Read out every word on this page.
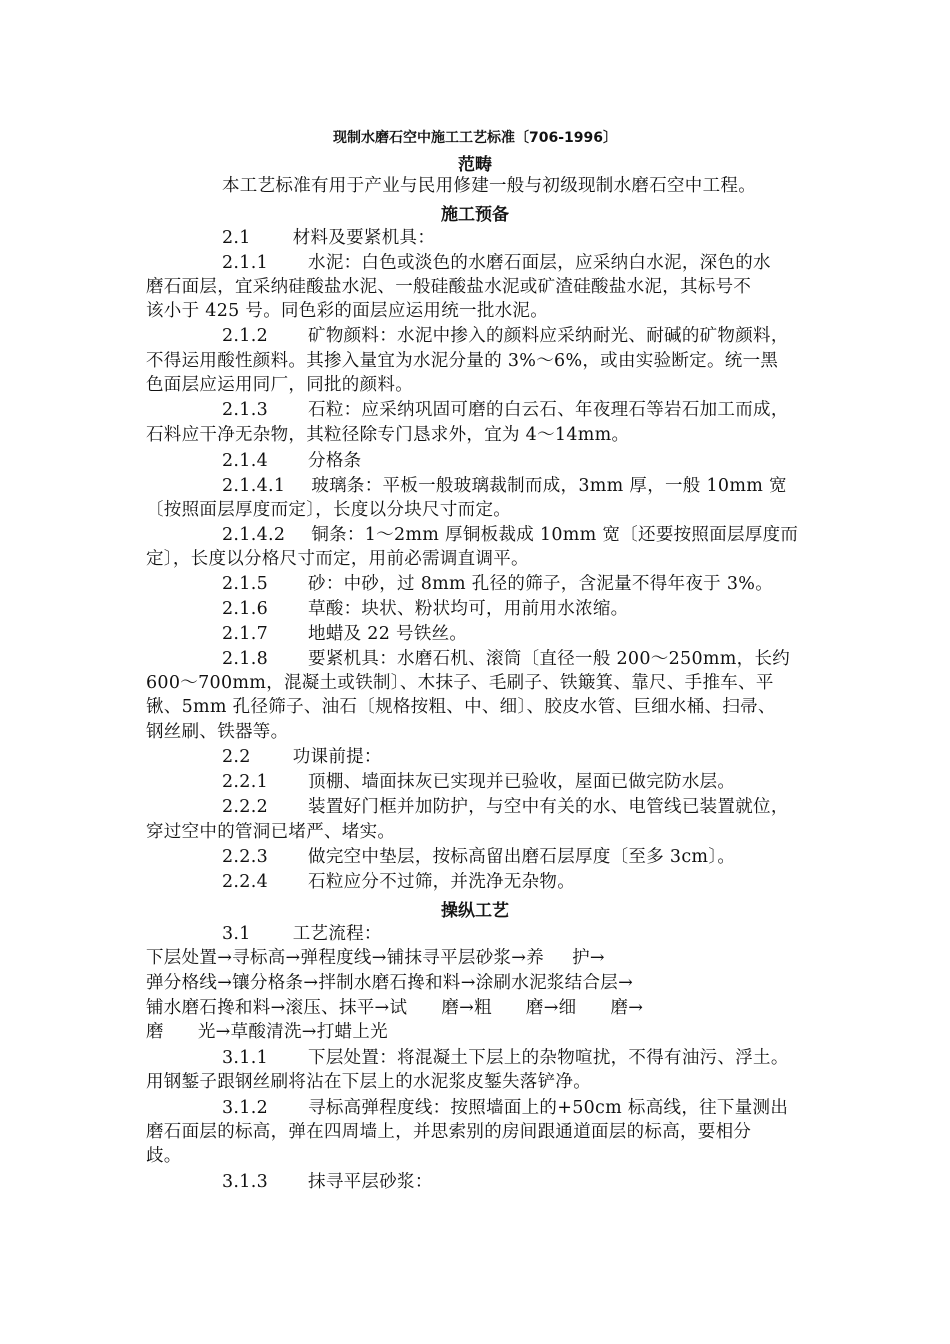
现制水磨石空中施工工艺标准〔706-1996〕
范畴
本工艺标准有用于产业与民用修建一般与初级现制水磨石空中工程。
施工预备
2.1 材料及要紧机具：
2.1.1 水泥：白色或淡色的水磨石面层，应采纳白水泥，深色的水
磨石面层，宜采纳硅酸盐水泥、一般硅酸盐水泥或矿渣硅酸盐水泥，其标号不
该小于 425 号。同色彩的面层应运用统一批水泥。
2.1.2 矿物颜料：水泥中掺入的颜料应采纳耐光、耐碱的矿物颜料，
不得运用酸性颜料。其掺入量宜为水泥分量的 3%～6%，或由实验断定。统一黑
色面层应运用同厂，同批的颜料。
2.1.3 石粒：应采纳巩固可磨的白云石、年夜理石等岩石加工而成，
石料应干净无杂物，其粒径除专门恳求外，宜为 4～14mm。
2.1.4 分格条
2.1.4.1 玻璃条：平板一般玻璃裁制而成，3mm 厚，一般 10mm 宽
〔按照面层厚度而定〕，长度以分块尺寸而定。
2.1.4.2 铜条：1～2mm 厚铜板裁成 10mm 宽〔还要按照面层厚度而
定〕，长度以分格尺寸而定，用前必需调直调平。
2.1.5 砂：中砂，过 8mm 孔径的筛子，含泥量不得年夜于 3%。
2.1.6 草酸：块状、粉状均可，用前用水浓缩。
2.1.7 地蜡及 22 号铁丝。
2.1.8 要紧机具：水磨石机、滚筒〔直径一般 200～250mm，长约
600～700mm，混凝土或铁制〕、木抹子、毛刷子、铁簸箕、靠尺、手推车、平
锹、5mm 孔径筛子、油石〔规格按粗、中、细〕、胶皮水管、巨细水桶、扫帚、
钢丝刷、铁器等。
2.2 功课前提：
2.2.1 顶棚、墙面抹灰已实现并已验收，屋面已做完防水层。
2.2.2 装置好门框并加防护，与空中有关的水、电管线已装置就位，
穿过空中的管洞已堵严、堵实。
2.2.3 做完空中垫层，按标高留出磨石层厚度〔至多 3cm〕。
2.2.4 石粒应分不过筛，并洗净无杂物。
操纵工艺
3.1 工艺流程：
下层处置→寻标高→弹程度线→铺抹寻平层砂浆→养 护→
弹分格线→镶分格条→拌制水磨石搀和料→涂刷水泥浆结合层→
铺水磨石搀和料→滚压、抹平→试 磨→粗 磨→细 磨→
磨 光→草酸清洗→打蜡上光
3.1.1 下层处置：将混凝土下层上的杂物喧扰，不得有油污、浮土。
用钢錾子跟钢丝刷将沾在下层上的水泥浆皮錾失落铲净。
3.1.2 寻标高弹程度线：按照墙面上的+50cm 标高线，往下量测出
磨石面层的标高，弹在四周墙上，并思索别的房间跟通道面层的标高，要相分
歧。
3.1.3 抹寻平层砂浆：
